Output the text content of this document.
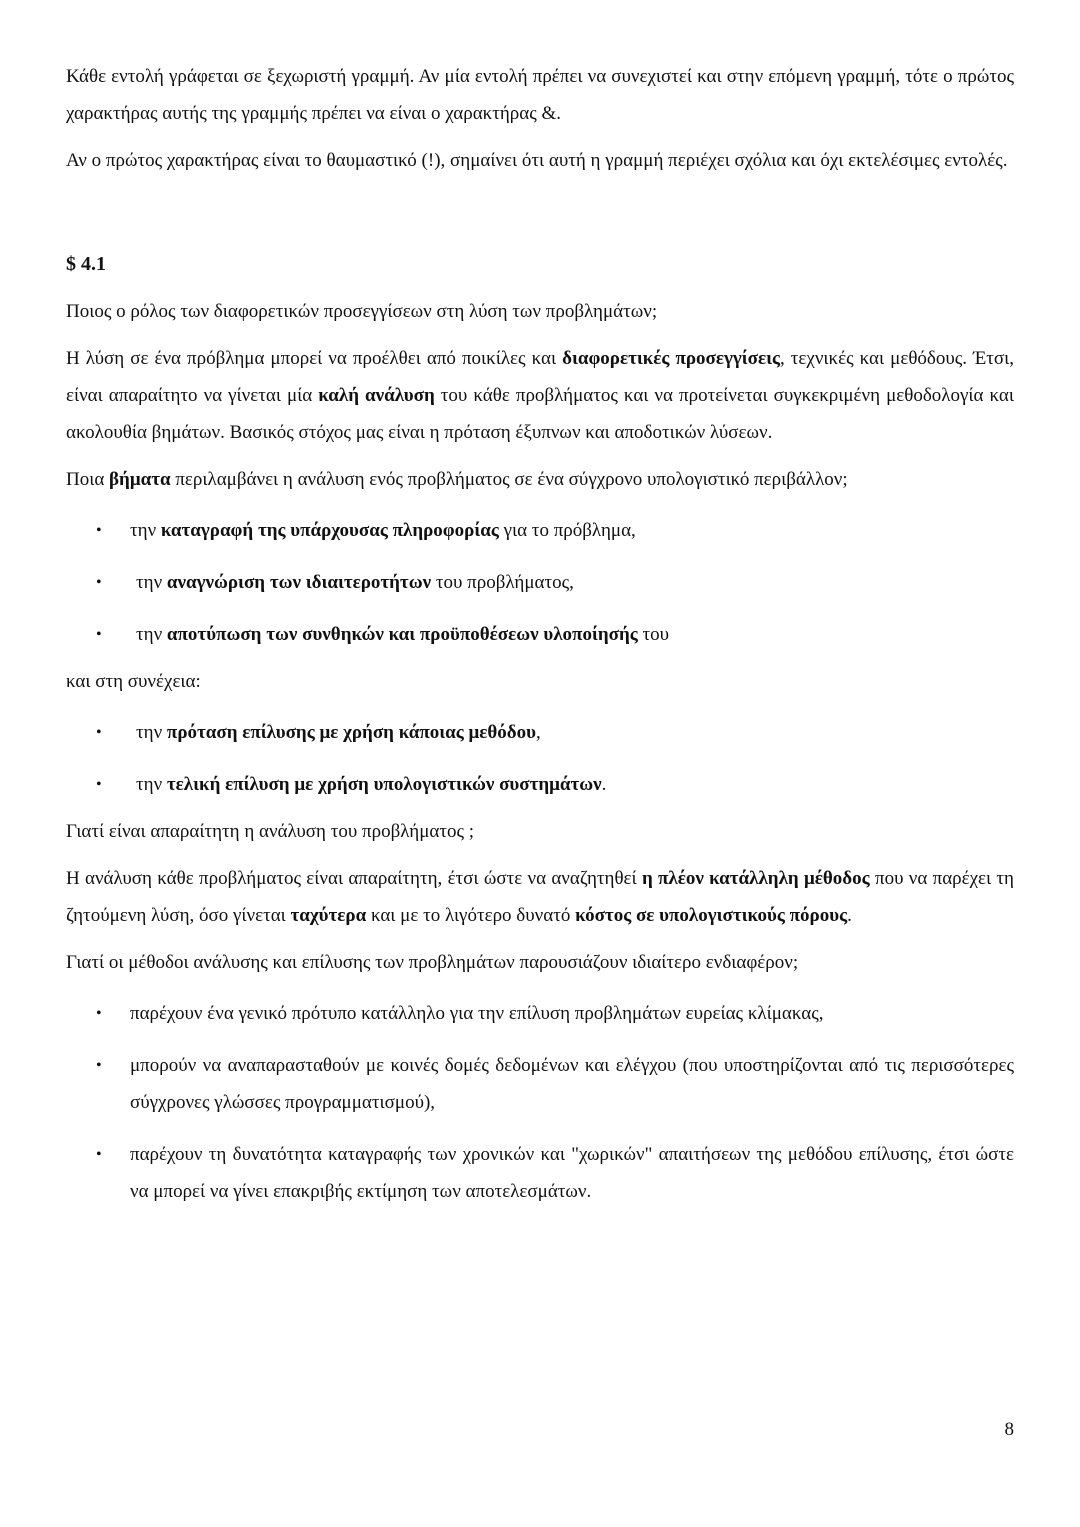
Κάθε εντολή γράφεται σε ξεχωριστή γραμμή. Αν μία εντολή πρέπει να συνεχιστεί και στην επόμενη γραμμή, τότε ο πρώτος χαρακτήρας αυτής της γραμμής πρέπει να είναι ο χαρακτήρας &.

Αν ο πρώτος χαρακτήρας είναι το θαυμαστικό (!), σημαίνει ότι αυτή η γραμμή περιέχει σχόλια και όχι εκτελέσιμες εντολές.

$ 4.1

Ποιος ο ρόλος των διαφορετικών προσεγγίσεων στη λύση των προβλημάτων;

Η λύση σε ένα πρόβλημα μπορεί να προέλθει από ποικίλες και διαφορετικές προσεγγίσεις, τεχνικές και μεθόδους. Έτσι, είναι απαραίτητο να γίνεται μία καλή ανάλυση του κάθε προβλήματος και να προτείνεται συγκεκριμένη μεθοδολογία και ακολουθία βημάτων. Βασικός στόχος μας είναι η πρόταση έξυπνων και αποδοτικών λύσεων.

Ποια βήματα περιλαμβάνει η ανάλυση ενός προβλήματος σε ένα σύγχρονο υπολογιστικό περιβάλλον;

• την καταγραφή της υπάρχουσας πληροφορίας για το πρόβλημα,
• την αναγνώριση των ιδιαιτεροτήτων του προβλήματος,
• την αποτύπωση των συνθηκών και προϋποθέσεων υλοποίησής του

και στη συνέχεια:

• την πρόταση επίλυσης με χρήση κάποιας μεθόδου,
• την τελική επίλυση με χρήση υπολογιστικών συστημάτων.

Γιατί είναι απαραίτητη η ανάλυση του προβλήματος ;

Η ανάλυση κάθε προβλήματος είναι απαραίτητη, έτσι ώστε να αναζητηθεί η πλέον κατάλληλη μέθοδος που να παρέχει τη ζητούμενη λύση, όσο γίνεται ταχύτερα και με το λιγότερο δυνατό κόστος σε υπολογιστικούς πόρους.

Γιατί οι μέθοδοι ανάλυσης και επίλυσης των προβλημάτων παρουσιάζουν ιδιαίτερο ενδιαφέρον;

• παρέχουν ένα γενικό πρότυπο κατάλληλο για την επίλυση προβλημάτων ευρείας κλίμακας,
• μπορούν να αναπαρασταθούν με κοινές δομές δεδομένων και ελέγχου (που υποστηρίζονται από τις περισσότερες σύγχρονες γλώσσες προγραμματισμού),
• παρέχουν τη δυνατότητα καταγραφής των χρονικών και "χωρικών" απαιτήσεων της μεθόδου επίλυσης, έτσι ώστε να μπορεί να γίνει επακριβής εκτίμηση των αποτελεσμάτων.
8
